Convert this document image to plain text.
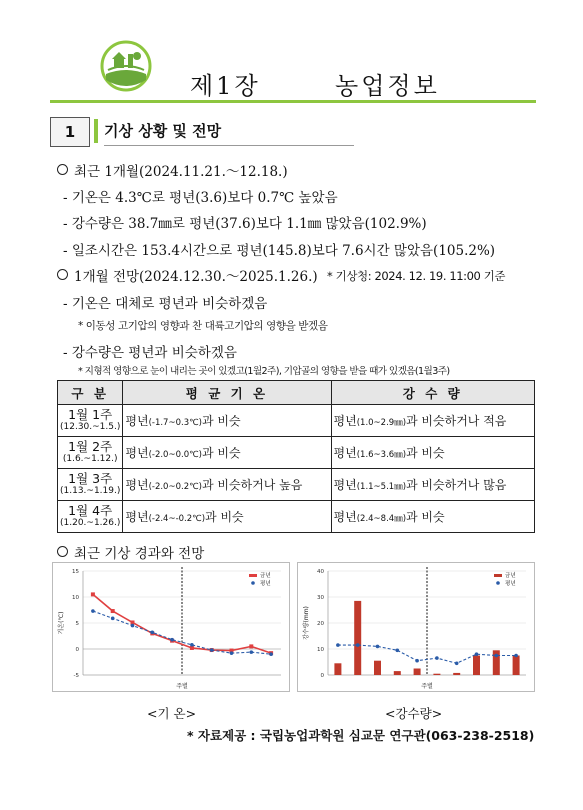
제1장       농업정보
1	기상 상황 및 전망
최근 1개월(2024.11.21.～12.18.)
- 기온은 4.3℃로 평년(3.6)보다 0.7℃ 높았음
- 강수량은 38.7㎜로 평년(37.6)보다 1.1㎜ 많았음(102.9%)
- 일조시간은 153.4시간으로 평년(145.8)보다 7.6시간 많았음(105.2%)
1개월 전망(2024.12.30.～2025.1.26.) * 기상청: 2024. 12. 19. 11:00 기준
- 기온은 대체로 평년과 비슷하겠음
* 이동성 고기압의 영향과 찬 대륙고기압의 영향을 받겠음
- 강수량은 평년과 비슷하겠음
* 지형적 영향으로 눈이 내리는 곳이 있겠고(1월2주), 기압골의 영향을 받을 때가 있겠음(1월3주)
구 분	평 균 기 온	강 수 량

1월 1주
(12.30.~1.5.)	평년(-1.7~0.3℃)과 비슷	평년(1.0~2.9㎜)과 비슷하거나 적음

1월 2주
(1.6.~1.12.)	평년(-2.0~0.0℃)과 비슷	평년(1.6~3.6㎜)과 비슷

1월 3주
(1.13.~1.19.)	평년(-2.0~0.2℃)과 비슷하거나 높음	평년(1.1~5.1㎜)과 비슷하거나 많음

1월 4주
(1.20.~1.26.)	평년(-2.4~-0.2℃)과 비슷	평년(2.4~8.4㎜)과 비슷
최근 기상 경과와 전망
-5
0
5
10
15
주별
기온(℃)
금년
평년
0
10
20
30
40
주별
강수량(mm)
금년
평년
<기 온>	<강수량>
* 자료제공 : 국립농업과학원 심교문 연구관(063-238-2518)
